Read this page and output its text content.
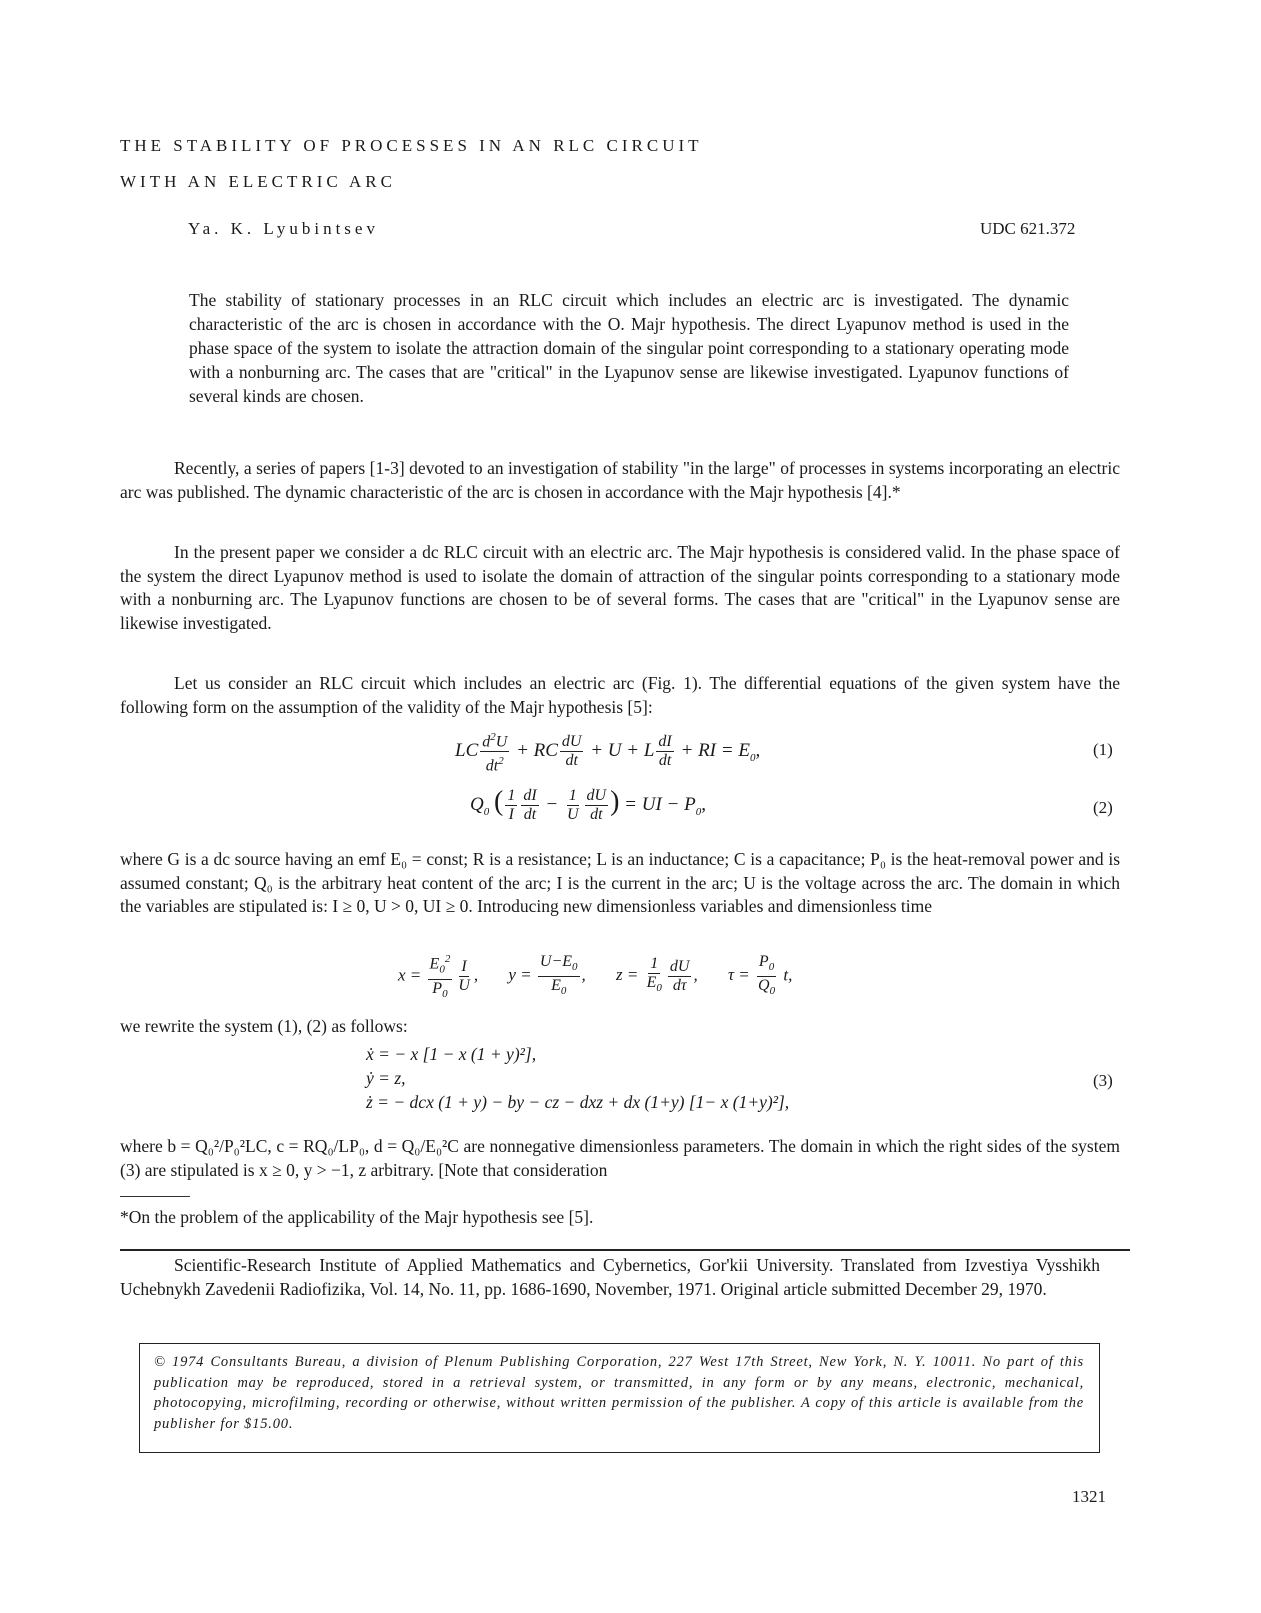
THE STABILITY OF PROCESSES IN AN RLC CIRCUIT
WITH AN ELECTRIC ARC
Ya. K. Lyubintsev	UDC 621.372
The stability of stationary processes in an RLC circuit which includes an electric arc is investigated. The dynamic characteristic of the arc is chosen in accordance with the O. Majr hypothesis. The direct Lyapunov method is used in the phase space of the system to isolate the attraction domain of the singular point corresponding to a stationary operating mode with a nonburning arc. The cases that are "critical" in the Lyapunov sense are likewise investigated. Lyapunov functions of several kinds are chosen.

Recently, a series of papers [1-3] devoted to an investigation of stability "in the large" of processes in systems incorporating an electric arc was published. The dynamic characteristic of the arc is chosen in accordance with the Majr hypothesis [4].*

In the present paper we consider a dc RLC circuit with an electric arc. The Majr hypothesis is considered valid. In the phase space of the system the direct Lyapunov method is used to isolate the domain of attraction of the singular points corresponding to a stationary mode with a nonburning arc. The Lyapunov functions are chosen to be of several forms. The cases that are "critical" in the Lyapunov sense are likewise investigated.

Let us consider an RLC circuit which includes an electric arc (Fig. 1). The differential equations of the given system have the following form on the assumption of the validity of the Majr hypothesis [5]:

LC $\frac{d^2U}{dt^2}$ + RC $\frac{dU}{dt} + U + L \frac{dI}{dt}$ + RI = $E_0$,	(1)
$Q_0$ ( $\frac{1}{I} \frac{dI}{dt} - \frac{1}{U} \frac{dU}{dt}$ ) = UI − $P_0$,	(2)

where G is a dc source having an emf E₀ = const; R is a resistance; L is an inductance; C is a capacitance; P₀ is the heat-removal power and is assumed constant; Q₀ is the arbitrary heat content of the arc; I is the current in the arc; U is the voltage across the arc. The domain in which the variables are stipulated is: I ≥ 0, U > 0, UI ≥ 0. Introducing new dimensionless variables and dimensionless time

$x = \frac{E_0^2}{P_0} \frac{I}{U}$ , $y = \frac{U-E_0}{E_0}$ , $z = \frac{1}{E_0} \frac{dU}{d\tau}$ , $\tau = \frac{P_0}{Q_0} t$,

we rewrite the system (1), (2) as follows:

ẋ = − x [1 − x (1 + y)²],
ẏ = z,
ż = − dcx (1 + y) − by − cz − dxz + dx (1+y) [1− x (1+y)²],
(3)

where b = Q₀²/P₀²LC, c = RQ₀/LP₀, d = Q₀/E₀²C are nonnegative dimensionless parameters. The domain in which the right sides of the system (3) are stipulated is x ≥ 0, y > −1, z arbitrary. [Note that consideration

*On the problem of the applicability of the Majr hypothesis see [5].

Scientific-Research Institute of Applied Mathematics and Cybernetics, Gor'kii University. Translated from Izvestiya Vysshikh Uchebnykh Zavedenii Radiofizika, Vol. 14, No. 11, pp. 1686-1690, November, 1971. Original article submitted December 29, 1970.

© 1974 Consultants Bureau, a division of Plenum Publishing Corporation, 227 West 17th Street, New York, N. Y. 10011. No part of this publication may be reproduced, stored in a retrieval system, or transmitted, in any form or by any means, electronic, mechanical, photocopying, microfilming, recording or otherwise, without written permission of the publisher. A copy of this article is available from the publisher for $15.00.
1321
